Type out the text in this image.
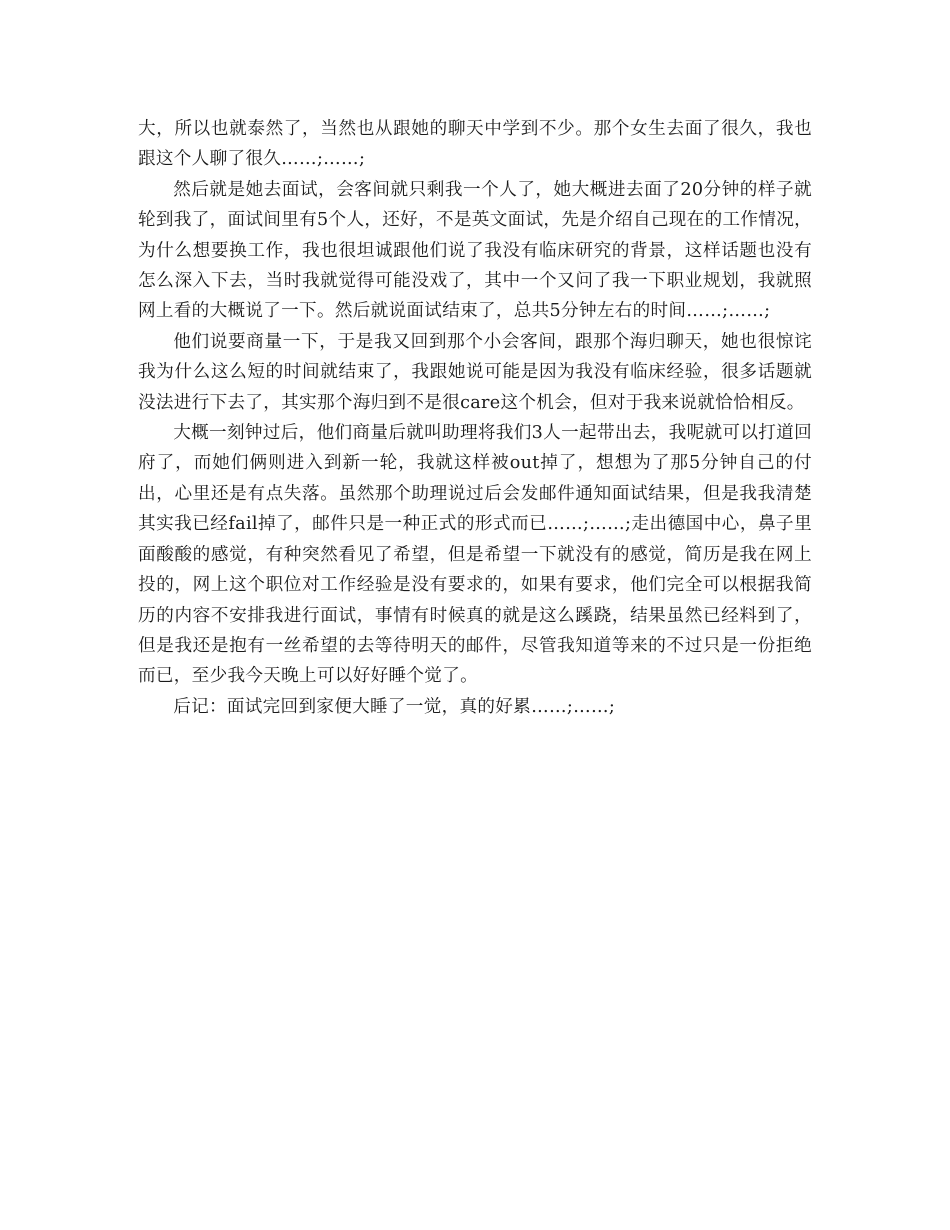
大，所以也就泰然了，当然也从跟她的聊天中学到不少。那个女生去面了很久，我也跟这个人聊了很久……;……;

然后就是她去面试，会客间就只剩我一个人了，她大概进去面了20分钟的样子就轮到我了，面试间里有5个人，还好，不是英文面试，先是介绍自己现在的工作情况，为什么想要换工作，我也很坦诚跟他们说了我没有临床研究的背景，这样话题也没有怎么深入下去，当时我就觉得可能没戏了，其中一个又问了我一下职业规划，我就照网上看的大概说了一下。然后就说面试结束了，总共5分钟左右的时间……;……;

他们说要商量一下，于是我又回到那个小会客间，跟那个海归聊天，她也很惊诧我为什么这么短的时间就结束了，我跟她说可能是因为我没有临床经验，很多话题就没法进行下去了，其实那个海归到不是很care这个机会，但对于我来说就恰恰相反。

大概一刻钟过后，他们商量后就叫助理将我们3人一起带出去，我呢就可以打道回府了，而她们俩则进入到新一轮，我就这样被out掉了，想想为了那5分钟自己的付出，心里还是有点失落。虽然那个助理说过后会发邮件通知面试结果，但是我我清楚其实我已经fail掉了，邮件只是一种正式的形式而已……;……;走出德国中心，鼻子里面酸酸的感觉，有种突然看见了希望，但是希望一下就没有的感觉，简历是我在网上投的，网上这个职位对工作经验是没有要求的，如果有要求，他们完全可以根据我简历的内容不安排我进行面试，事情有时候真的就是这么蹊跷，结果虽然已经料到了，但是我还是抱有一丝希望的去等待明天的邮件，尽管我知道等来的不过只是一份拒绝而已，至少我今天晚上可以好好睡个觉了。

后记：面试完回到家便大睡了一觉，真的好累……;……;
